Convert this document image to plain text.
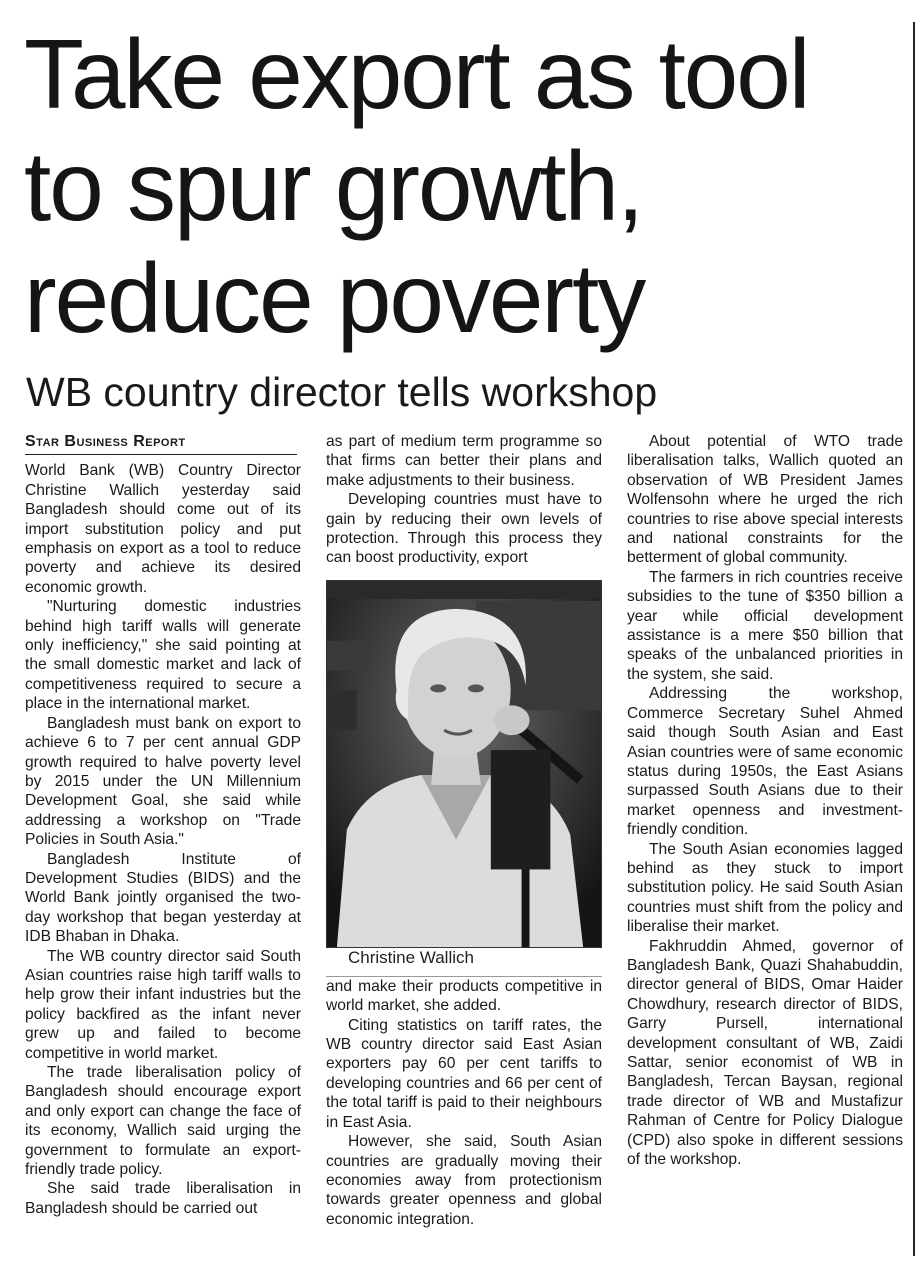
Take export as tool to spur growth, reduce poverty
WB country director tells workshop
Star Business Report

World Bank (WB) Country Director Christine Wallich yesterday said Bangladesh should come out of its import substitution policy and put emphasis on export as a tool to reduce poverty and achieve its desired economic growth.

"Nurturing domestic industries behind high tariff walls will generate only inefficiency," she said pointing at the small domestic market and lack of competitiveness required to secure a place in the international market.

Bangladesh must bank on export to achieve 6 to 7 per cent annual GDP growth required to halve poverty level by 2015 under the UN Millennium Development Goal, she said while addressing a workshop on "Trade Policies in South Asia."

Bangladesh Institute of Development Studies (BIDS) and the World Bank jointly organised the two-day workshop that began yesterday at IDB Bhaban in Dhaka.

The WB country director said South Asian countries raise high tariff walls to help grow their infant industries but the policy backfired as the infant never grew up and failed to become competitive in world market.

The trade liberalisation policy of Bangladesh should encourage export and only export can change the face of its economy, Wallich said urging the government to formulate an export-friendly trade policy.

She said trade liberalisation in Bangladesh should be carried out

as part of medium term programme so that firms can better their plans and make adjustments to their business.

Developing countries must have to gain by reducing their own levels of protection. Through this process they can boost productivity, export

Christine Wallich

and make their products competitive in world market, she added.

Citing statistics on tariff rates, the WB country director said East Asian exporters pay 60 per cent tariffs to developing countries and 66 per cent of the total tariff is paid to their neighbours in East Asia.

However, she said, South Asian countries are gradually moving their economies away from protectionism towards greater openness and global economic integration.

About potential of WTO trade liberalisation talks, Wallich quoted an observation of WB President James Wolfensohn where he urged the rich countries to rise above special interests and national constraints for the betterment of global community.

The farmers in rich countries receive subsidies to the tune of $350 billion a year while official development assistance is a mere $50 billion that speaks of the unbalanced priorities in the system, she said.

Addressing the workshop, Commerce Secretary Suhel Ahmed said though South Asian and East Asian countries were of same economic status during 1950s, the East Asians surpassed South Asians due to their market openness and investment-friendly condition.

The South Asian economies lagged behind as they stuck to import substitution policy. He said South Asian countries must shift from the policy and liberalise their market.

Fakhruddin Ahmed, governor of Bangladesh Bank, Quazi Shahabuddin, director general of BIDS, Omar Haider Chowdhury, research director of BIDS, Garry Pursell, international development consultant of WB, Zaidi Sattar, senior economist of WB in Bangladesh, Tercan Baysan, regional trade director of WB and Mustafizur Rahman of Centre for Policy Dialogue (CPD) also spoke in different sessions of the workshop.
